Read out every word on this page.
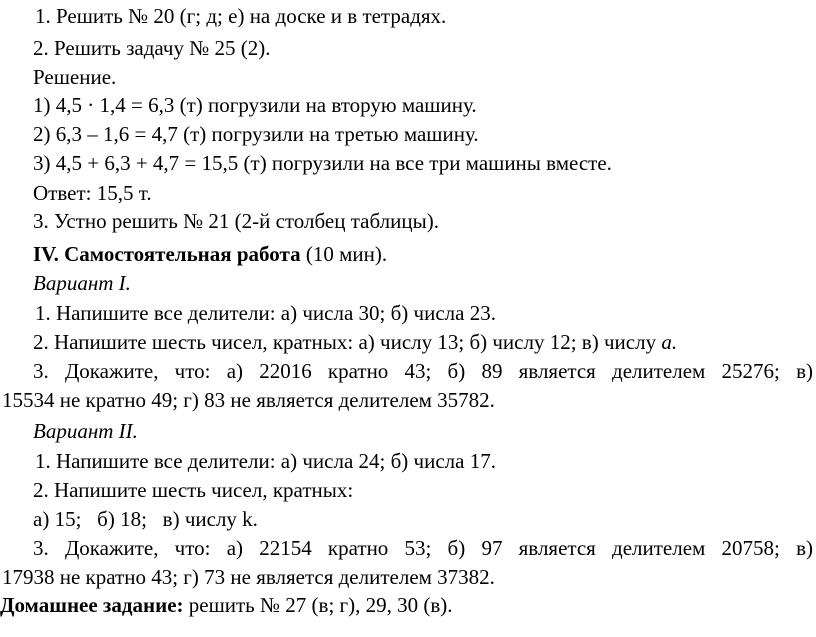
1. Решить № 20 (г; д; е) на доске и в тетрадях.
2. Решить задачу № 25 (2).
Решение.
1) 4,5 · 1,4 = 6,3 (т) погрузили на вторую машину.
2) 6,3 – 1,6 = 4,7 (т) погрузили на третью машину.
3) 4,5 + 6,3 + 4,7 = 15,5 (т) погрузили на все три машины вместе.
Ответ: 15,5 т.
3. Устно решить № 21 (2-й столбец таблицы).
IV. Самостоятельная работа (10 мин).
Вариант I.
1. Напишите все делители: а) числа 30; б) числа 23.
2. Напишите шесть чисел, кратных: а) числу 13; б) числу 12; в) числу а.
3. Докажите, что: а) 22016 кратно 43; б) 89 является делителем 25276; в)
15534 не кратно 49; г) 83 не является делителем 35782.
Вариант II.
1. Напишите все делители: а) числа 24; б) числа 17.
2. Напишите шесть чисел, кратных:
а) 15;   б) 18;   в) числу k.
3. Докажите, что: а) 22154 кратно 53; б) 97 является делителем 20758; в)
17938 не кратно 43; г) 73 не является делителем 37382.
Домашнее задание: решить № 27 (в; г), 29, 30 (в).
